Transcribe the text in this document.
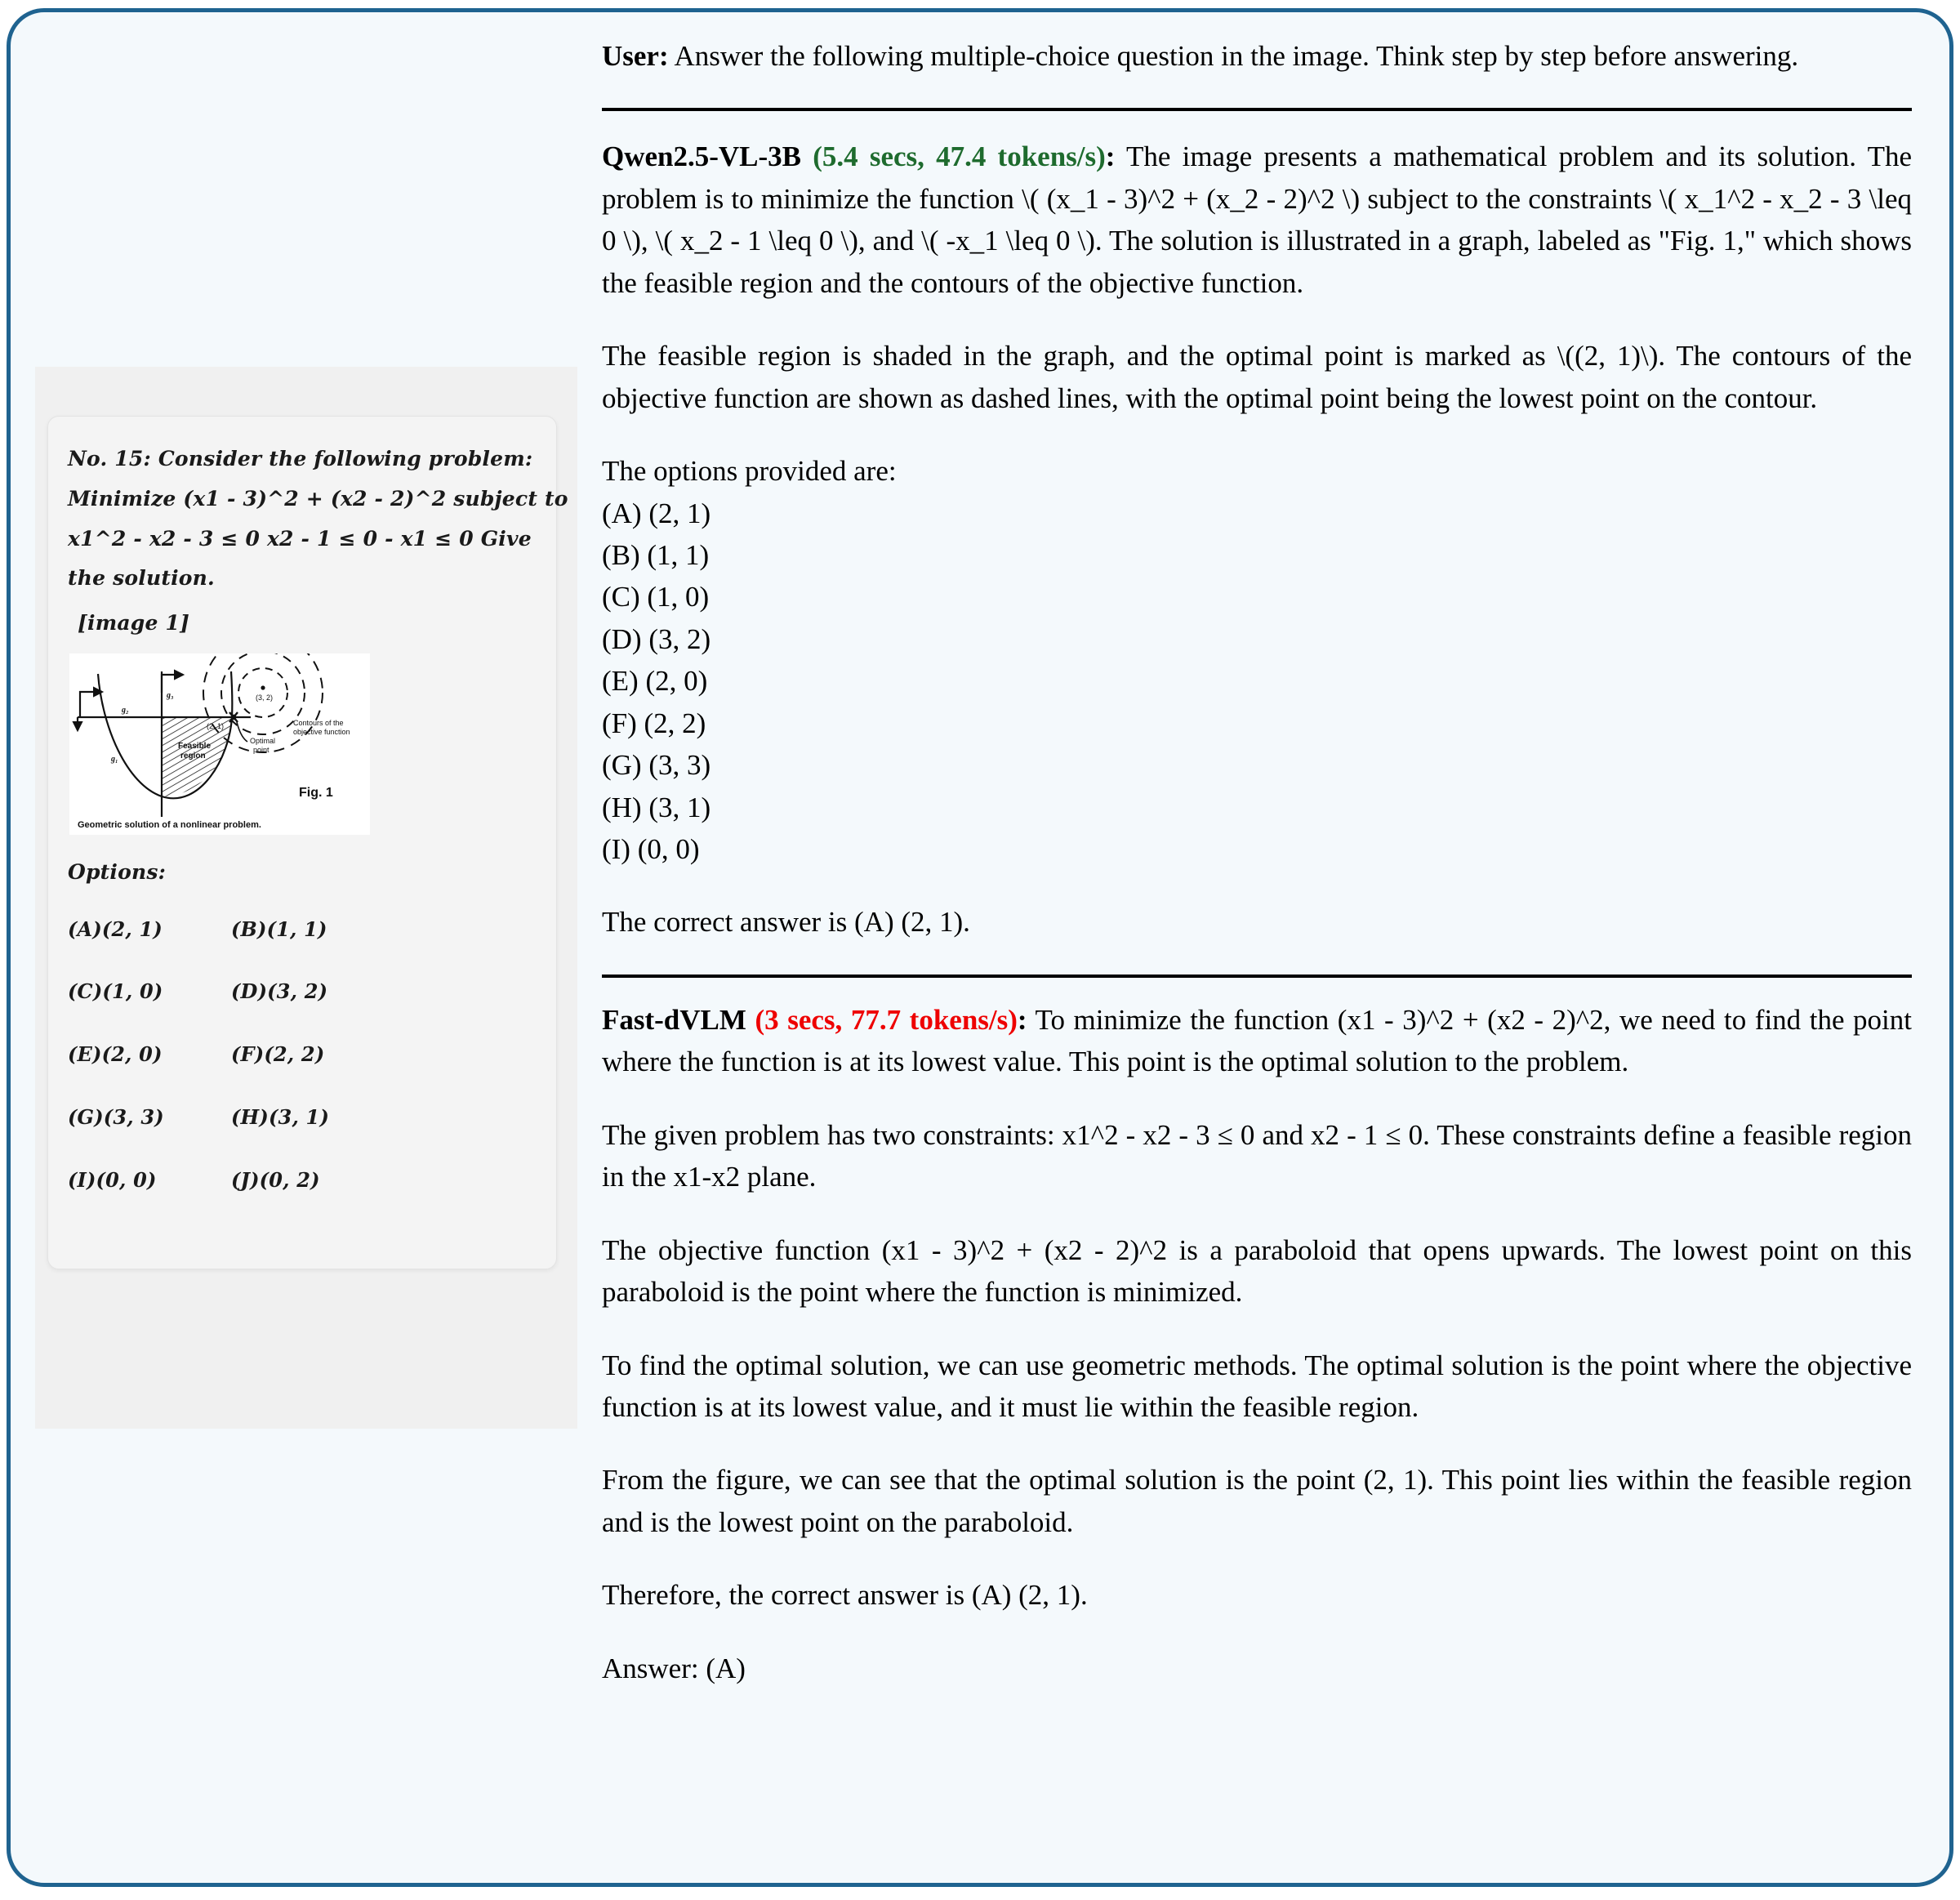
No. 15: Consider the following problem:
Minimize (x1 - 3)^2 + (x2 - 2)^2 subject to
x1^2 - x2 - 3 ≤ 0 x2 - 1 ≤ 0 - x1 ≤ 0 Give
the solution.
[image 1]
(3, 2)
(2, 1)
Optimal
point
Contours of the
objective function
Feasible
region
g₁
g₂
g₃
Fig. 1
Geometric solution of a nonlinear problem.
Options:
(A)(2, 1)	(B)(1, 1)
(C)(1, 0)	(D)(3, 2)
(E)(2, 0)	(F)(2, 2)
(G)(3, 3)	(H)(3, 1)
(I)(0, 0)	(J)(0, 2)
User: Answer the following multiple-choice question in the image. Think step by step before answering.
Qwen2.5-VL-3B (5.4 secs, 47.4 tokens/s): The image presents a mathematical problem and its solution. The problem is to minimize the function \( (x_1 - 3)^2 + (x_2 - 2)^2 \) subject to the constraints \( x_1^2 - x_2 - 3 \leq 0 \), \( x_2 - 1 \leq 0 \), and \( -x_1 \leq 0 \). The solution is illustrated in a graph, labeled as "Fig. 1," which shows the feasible region and the contours of the objective function.
The feasible region is shaded in the graph, and the optimal point is marked as \((2, 1)\). The contours of the objective function are shown as dashed lines, with the optimal point being the lowest point on the contour.
The options provided are:
(A) (2, 1)
(B) (1, 1)
(C) (1, 0)
(D) (3, 2)
(E) (2, 0)
(F) (2, 2)
(G) (3, 3)
(H) (3, 1)
(I) (0, 0)
The correct answer is (A) (2, 1).
Fast-dVLM (3 secs, 77.7 tokens/s): To minimize the function (x1 - 3)^2 + (x2 - 2)^2, we need to find the point where the function is at its lowest value. This point is the optimal solution to the problem.
The given problem has two constraints: x1^2 - x2 - 3 ≤ 0 and x2 - 1 ≤ 0. These constraints define a feasible region in the x1-x2 plane.
The objective function (x1 - 3)^2 + (x2 - 2)^2 is a paraboloid that opens upwards. The lowest point on this paraboloid is the point where the function is minimized.
To find the optimal solution, we can use geometric methods. The optimal solution is the point where the objective function is at its lowest value, and it must lie within the feasible region.
From the figure, we can see that the optimal solution is the point (2, 1). This point lies within the feasible region and is the lowest point on the paraboloid.
Therefore, the correct answer is (A) (2, 1).
Answer: (A)
